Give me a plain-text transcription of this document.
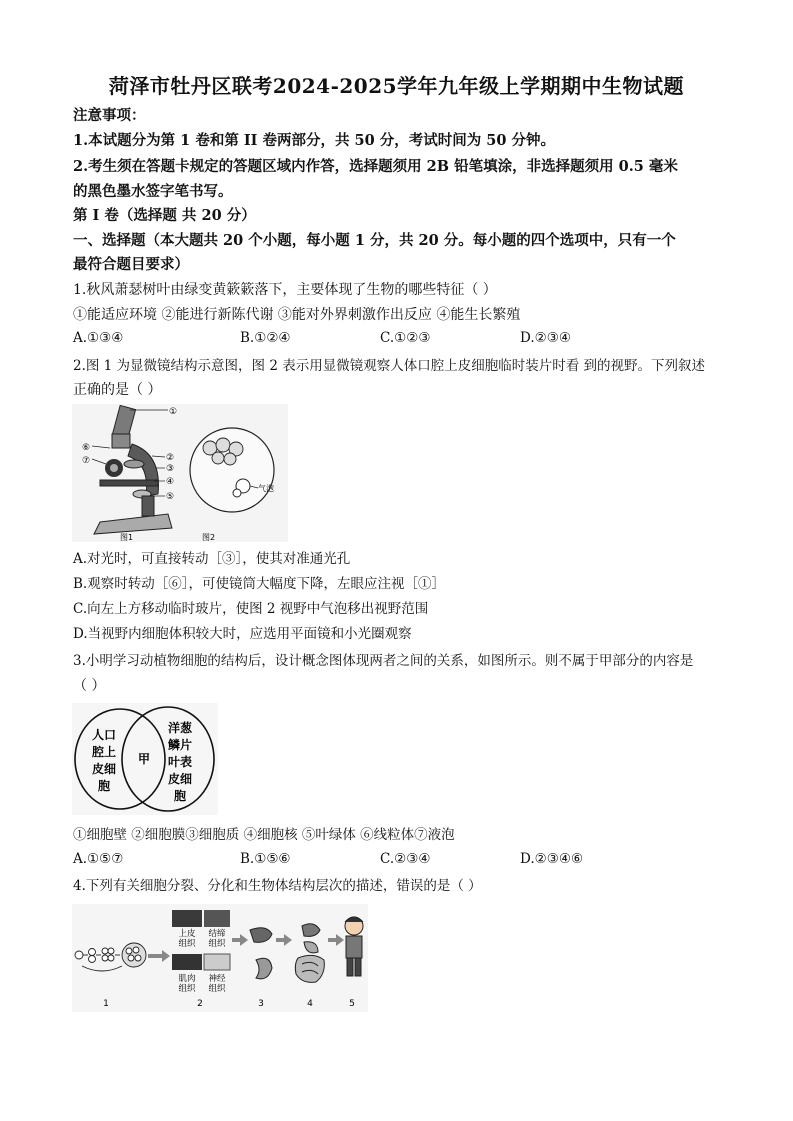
菏泽市牡丹区联考2024-2025学年九年级上学期期中生物试题
注意事项：
1.本试题分为第 1 卷和第 II 卷两部分，共 50 分，考试时间为 50 分钟。
2.考生须在答题卡规定的答题区域内作答，选择题须用 2B 铅笔填涂，非选择题须用 0.5 毫米
的黑色墨水签字笔书写。
第 I 卷（选择题 共 20 分）
一、选择题（本大题共 20 个小题，每小题 1 分，共 20 分。每小题的四个选项中，只有一个
最符合题目要求）
1.秋风萧瑟树叶由绿变黄簌簌落下，主要体现了生物的哪些特征（ ）
①能适应环境 ②能进行新陈代谢 ③能对外界刺激作出反应 ④能生长繁殖
A.①③④	B.①②④	C.①②③	D.②③④
2.图 1 为显微镜结构示意图，图 2 表示用显微镜观察人体口腔上皮细胞临时装片时看 到的视野。下列叙述
正确的是（ ）
①
⑥
⑦	②
③
④
⑤
气泡
图1	图2
A.对光时，可直接转动［③］，使其对准通光孔
B.观察时转动［⑥］，可使镜筒大幅度下降，左眼应注视［①］
C.向左上方移动临时玻片，使图 2 视野中气泡移出视野范围
D.当视野内细胞体积较大时，应选用平面镜和小光圈观察
3.小明学习动植物细胞的结构后，设计概念图体现两者之间的关系，如图所示。则不属于甲部分的内容是
（ ）
人口
腔上
皮细
胞
甲
洋葱
鳞片
叶表
皮细
胞
①细胞壁 ②细胞膜③细胞质 ④细胞核 ⑤叶绿体 ⑥线粒体⑦液泡
A.①⑤⑦	B.①⑤⑥	C.②③④	D.②③④⑥
4.下列有关细胞分裂、分化和生物体结构层次的描述，错误的是（ ）
上皮
组织
结缔
组织
肌肉
组织
神经
组织
1	2	3	4	5
